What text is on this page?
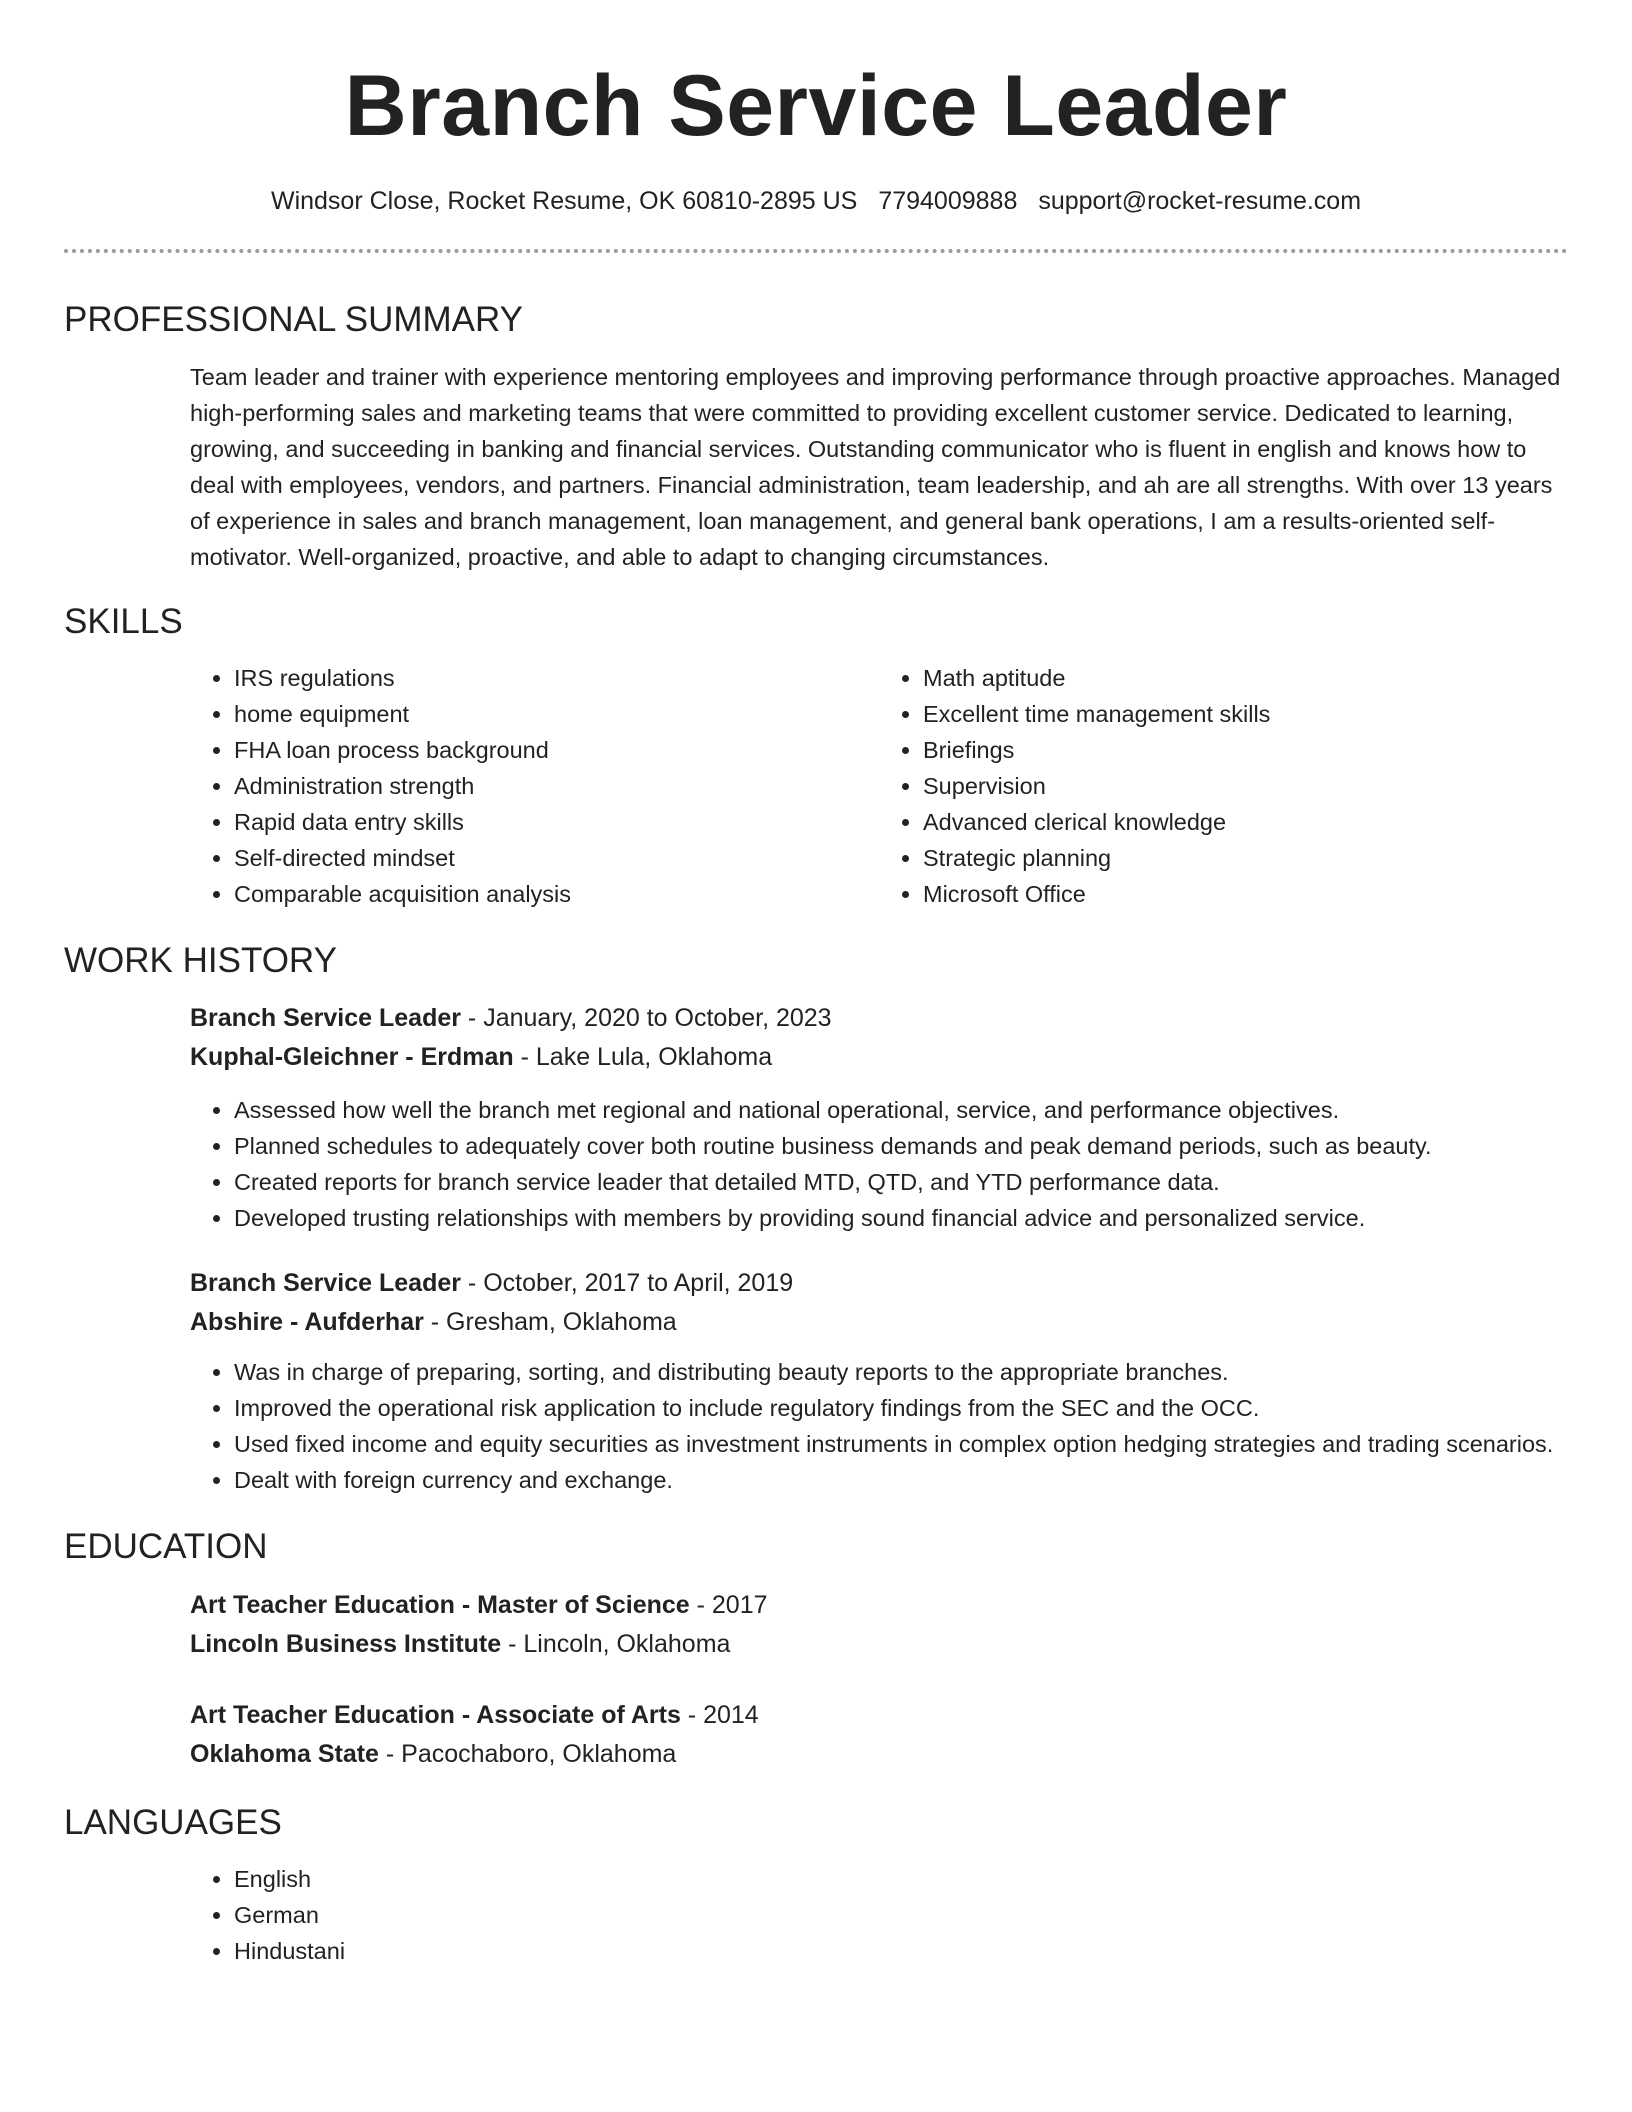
Branch Service Leader
Windsor Close, Rocket Resume, OK 60810-2895 US 7794009888 support@rocket-resume.com
PROFESSIONAL SUMMARY

Team leader and trainer with experience mentoring employees and improving performance through proactive approaches. Managed high-performing sales and marketing teams that were committed to providing excellent customer service. Dedicated to learning, growing, and succeeding in banking and financial services. Outstanding communicator who is fluent in english and knows how to deal with employees, vendors, and partners. Financial administration, team leadership, and ah are all strengths. With over 13 years of experience in sales and branch management, loan management, and general bank operations, I am a results-oriented self-motivator. Well-organized, proactive, and able to adapt to changing circumstances.

SKILLS
• IRS regulations
• home equipment
• FHA loan process background
• Administration strength
• Rapid data entry skills
• Self-directed mindset
• Comparable acquisition analysis
• Math aptitude
• Excellent time management skills
• Briefings
• Supervision
• Advanced clerical knowledge
• Strategic planning
• Microsoft Office
WORK HISTORY
Branch Service Leader - January, 2020 to October, 2023
Kuphal-Gleichner - Erdman - Lake Lula, Oklahoma
• Assessed how well the branch met regional and national operational, service, and performance objectives.
• Planned schedules to adequately cover both routine business demands and peak demand periods, such as beauty.
• Created reports for branch service leader that detailed MTD, QTD, and YTD performance data.
• Developed trusting relationships with members by providing sound financial advice and personalized service.
Branch Service Leader - October, 2017 to April, 2019
Abshire - Aufderhar - Gresham, Oklahoma
• Was in charge of preparing, sorting, and distributing beauty reports to the appropriate branches.
• Improved the operational risk application to include regulatory findings from the SEC and the OCC.
• Used fixed income and equity securities as investment instruments in complex option hedging strategies and trading scenarios.
• Dealt with foreign currency and exchange.
EDUCATION
Art Teacher Education - Master of Science - 2017
Lincoln Business Institute - Lincoln, Oklahoma
Art Teacher Education - Associate of Arts - 2014
Oklahoma State - Pacochaboro, Oklahoma
LANGUAGES
• English
• German
• Hindustani
